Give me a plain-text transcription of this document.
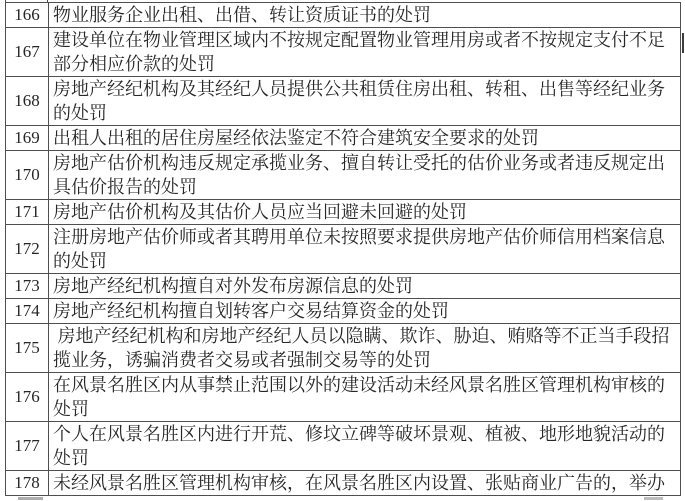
166	物业服务企业出租、出借、转让资质证书的处罚
167	建设单位在物业管理区域内不按规定配置物业管理用房或者不按规定支付不足部分相应价款的处罚
168	房地产经纪机构及其经纪人员提供公共租赁住房出租、转租、出售等经纪业务的处罚
169	出租人出租的居住房屋经依法鉴定不符合建筑安全要求的处罚
170	房地产估价机构违反规定承揽业务、擅自转让受托的估价业务或者违反规定出具估价报告的处罚
171	房地产估价机构及其估价人员应当回避未回避的处罚
172	注册房地产估价师或者其聘用单位未按照要求提供房地产估价师信用档案信息的处罚
173	房地产经纪机构擅自对外发布房源信息的处罚
174	房地产经纪机构擅自划转客户交易结算资金的处罚
175	房地产经纪机构和房地产经纪人员以隐瞒、欺诈、胁迫、贿赂等不正当手段招揽业务，诱骗消费者交易或者强制交易等的处罚
176	在风景名胜区内从事禁止范围以外的建设活动未经风景名胜区管理机构审核的处罚
177	个人在风景名胜区内进行开荒、修坟立碑等破坏景观、植被、地形地貌活动的处罚
178	未经风景名胜区管理机构审核，在风景名胜区内设置、张贴商业广告的，举办
